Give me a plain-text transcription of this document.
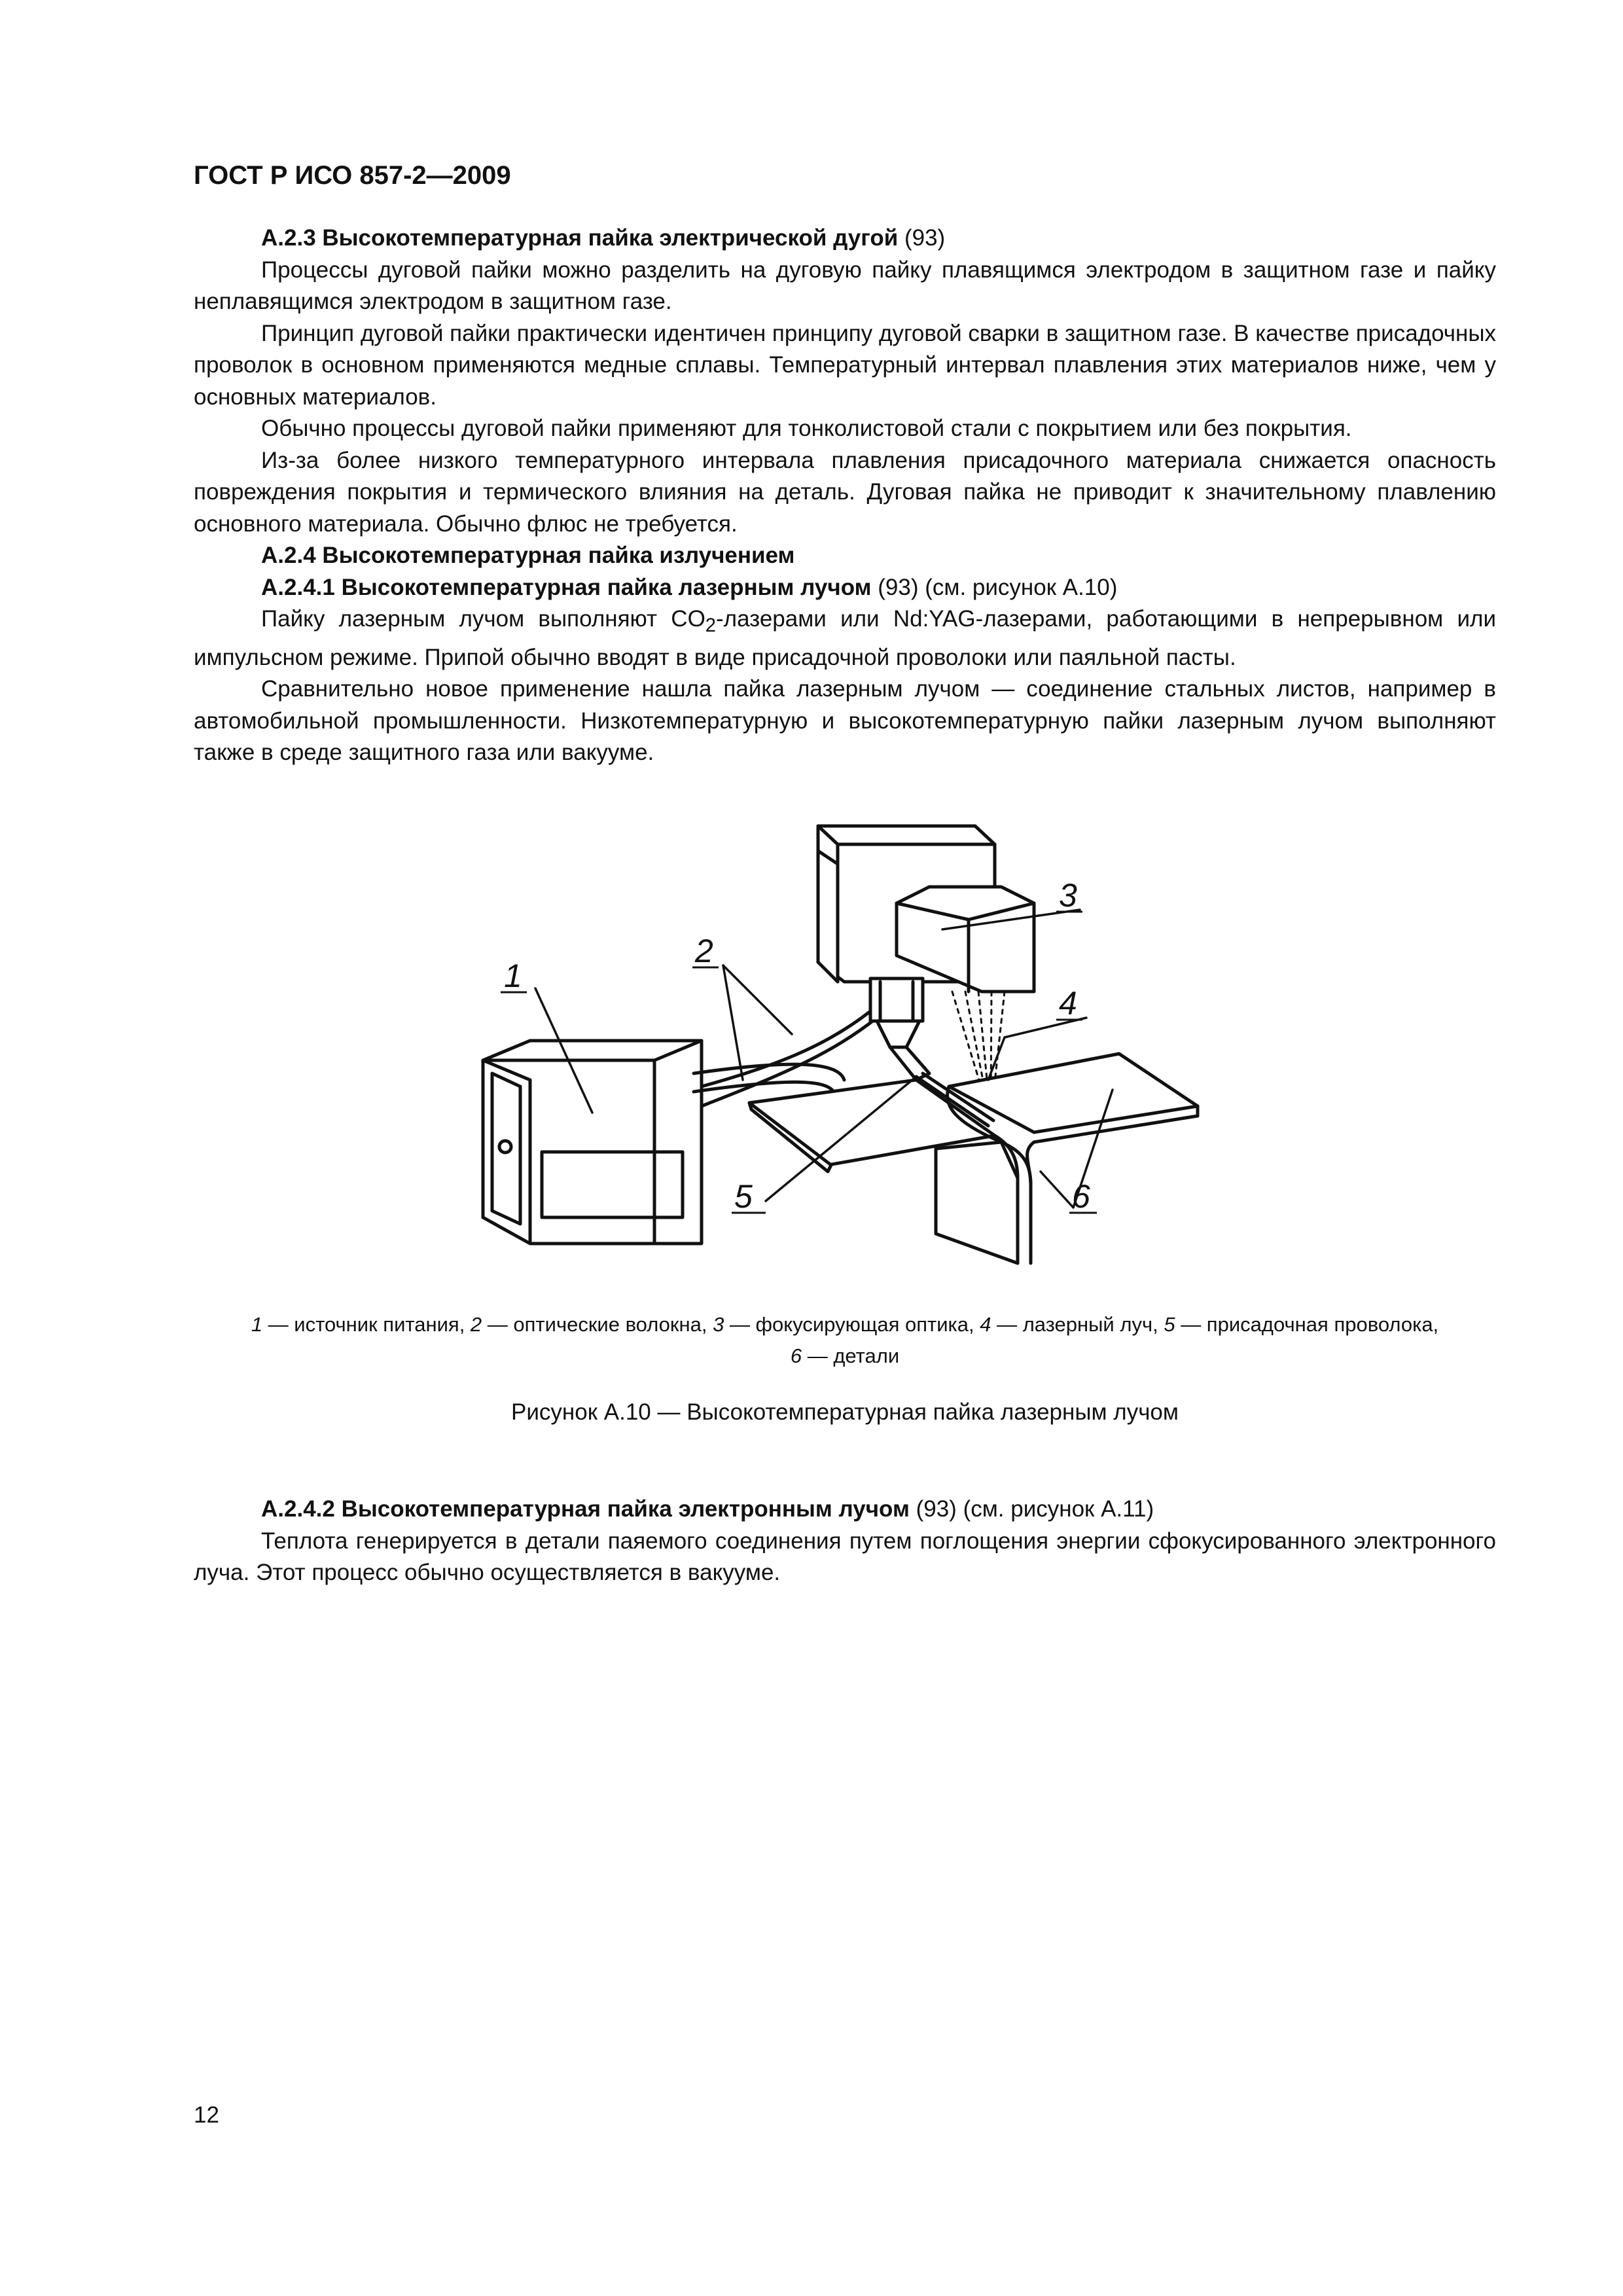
ГОСТ Р ИСО 857-2—2009

А.2.3 Высокотемпературная пайка электрической дугой (93)

Процессы дуговой пайки можно разделить на дуговую пайку плавящимся электродом в защитном газе и пайку неплавящимся электродом в защитном газе.

Принцип дуговой пайки практически идентичен принципу дуговой сварки в защитном газе. В качестве присадочных проволок в основном применяются медные сплавы. Температурный интервал плавления этих материалов ниже, чем у основных материалов.

Обычно процессы дуговой пайки применяют для тонколистовой стали с покрытием или без покрытия.

Из-за более низкого температурного интервала плавления присадочного материала снижается опасность повреждения покрытия и термического влияния на деталь. Дуговая пайка не приводит к значительному плавлению основного материала. Обычно флюс не требуется.

А.2.4 Высокотемпературная пайка излучением

А.2.4.1 Высокотемпературная пайка лазерным лучом (93) (см. рисунок А.10)

Пайку лазерным лучом выполняют $CO_2$-лазерами или Nd:YAG-лазерами, работающими в непрерывном или импульсном режиме. Припой обычно вводят в виде присадочной проволоки или паяльной пасты.

Сравнительно новое применение нашла пайка лазерным лучом — соединение стальных листов, например в автомобильной промышленности. Низкотемпературную и высокотемпературную пайки лазерным лучом выполняют также в среде защитного газа или вакууме.

1
2
3
4
5	6
1 — источник питания, 2 — оптические волокна, 3 — фокусирующая оптика, 4 — лазерный луч, 5 — присадочная проволока,
6 — детали
Рисунок А.10 — Высокотемпературная пайка лазерным лучом

А.2.4.2 Высокотемпературная пайка электронным лучом (93) (см. рисунок А.11)

Теплота генерируется в детали паяемого соединения путем поглощения энергии сфокусированного электронного луча. Этот процесс обычно осуществляется в вакууме.

12
